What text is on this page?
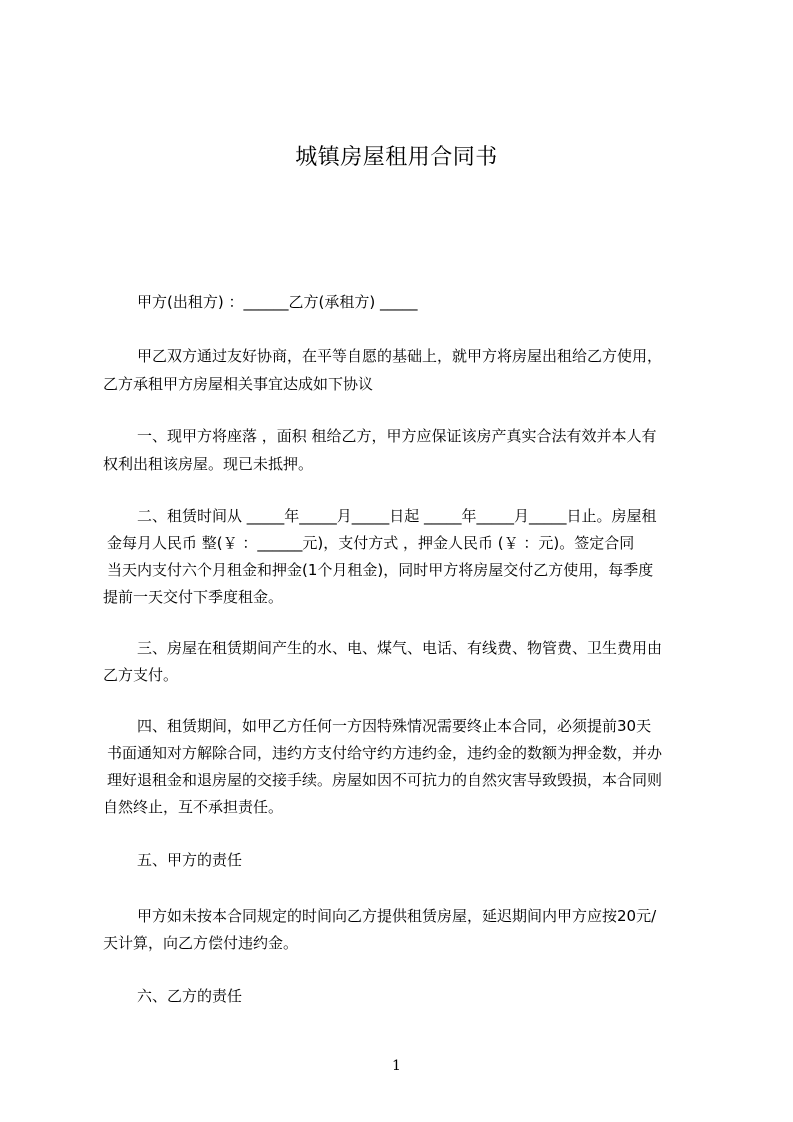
城镇房屋租用合同书
甲方(出租方) ：______乙方(承租方) _____
甲乙双方通过友好协商，在平等自愿的基础上，就甲方将房屋出租给乙方使用，
乙方承租甲方房屋相关事宜达成如下协议
一、现甲方将座落 ，面积 租给乙方，甲方应保证该房产真实合法有效并本人有
权利出租该房屋。现已未抵押。
二、租赁时间从 _____年_____月_____日起 _____年_____月_____日止。房屋租
金每月人民币 整(￥ ：______元)，支付方式 ，押金人民币 (￥ ：元)。签定合同
当天内支付六个月租金和押金(1个月租金)，同时甲方将房屋交付乙方使用，每季度
提前一天交付下季度租金。
三、房屋在租赁期间产生的水、电、煤气、电话、有线费、物管费、卫生费用由
乙方支付。
四、租赁期间，如甲乙方任何一方因特殊情况需要终止本合同，必须提前30天
书面通知对方解除合同，违约方支付给守约方违约金，违约金的数额为押金数，并办
理好退租金和退房屋的交接手续。房屋如因不可抗力的自然灾害导致毁损，本合同则
自然终止，互不承担责任。
五、甲方的责任
甲方如未按本合同规定的时间向乙方提供租赁房屋，延迟期间内甲方应按20元/
天计算，向乙方偿付违约金。
六、乙方的责任
1
